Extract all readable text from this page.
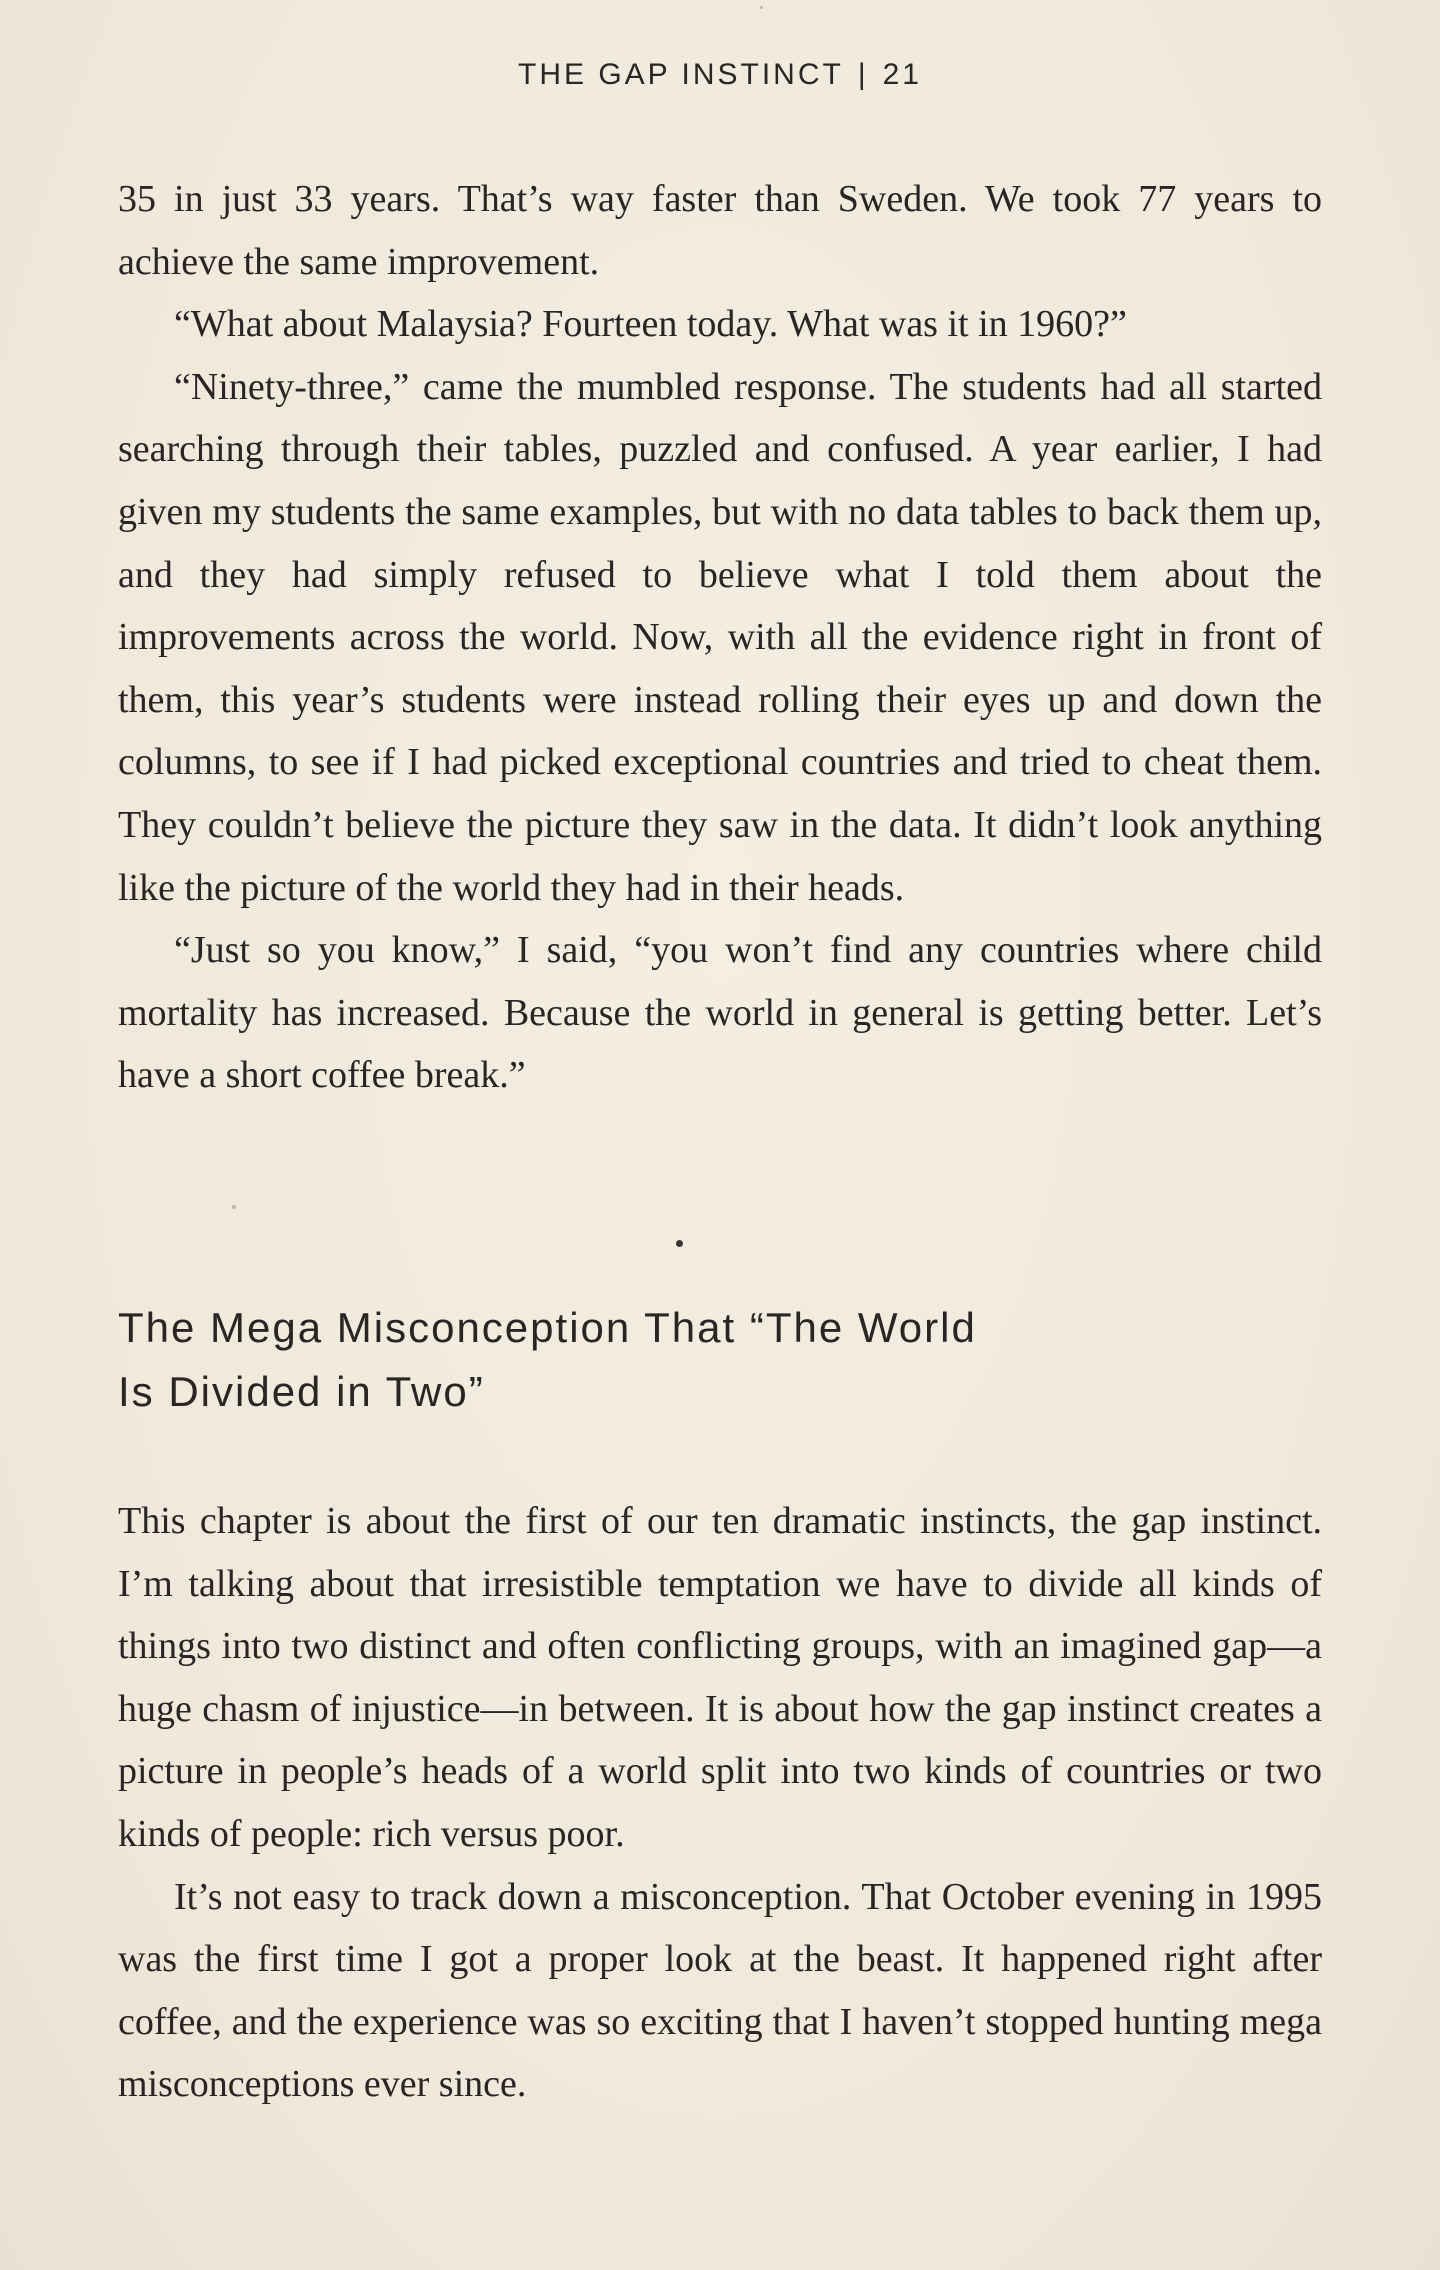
THE GAP INSTINCT | 21

35 in just 33 years. That’s way faster than Sweden. We took 77 years to achieve the same improvement.

“What about Malaysia? Fourteen today. What was it in 1960?”

“Ninety-three,” came the mumbled response. The students had all started searching through their tables, puzzled and confused. A year earlier, I had given my students the same examples, but with no data tables to back them up, and they had simply refused to believe what I told them about the improvements across the world. Now, with all the evidence right in front of them, this year’s students were instead rolling their eyes up and down the columns, to see if I had picked exceptional countries and tried to cheat them. They couldn’t believe the picture they saw in the data. It didn’t look anything like the picture of the world they had in their heads.

“Just so you know,” I said, “you won’t find any countries where child mortality has increased. Because the world in general is getting better. Let’s have a short coffee break.”

The Mega Misconception That “The World
Is Divided in Two”

This chapter is about the first of our ten dramatic instincts, the gap instinct. I’m talking about that irresistible temptation we have to divide all kinds of things into two distinct and often conflicting groups, with an imagined gap—a huge chasm of injustice—in between. It is about how the gap instinct creates a picture in people’s heads of a world split into two kinds of countries or two kinds of people: rich versus poor.

It’s not easy to track down a misconception. That October evening in 1995 was the first time I got a proper look at the beast. It happened right after coffee, and the experience was so exciting that I haven’t stopped hunting mega misconceptions ever since.
